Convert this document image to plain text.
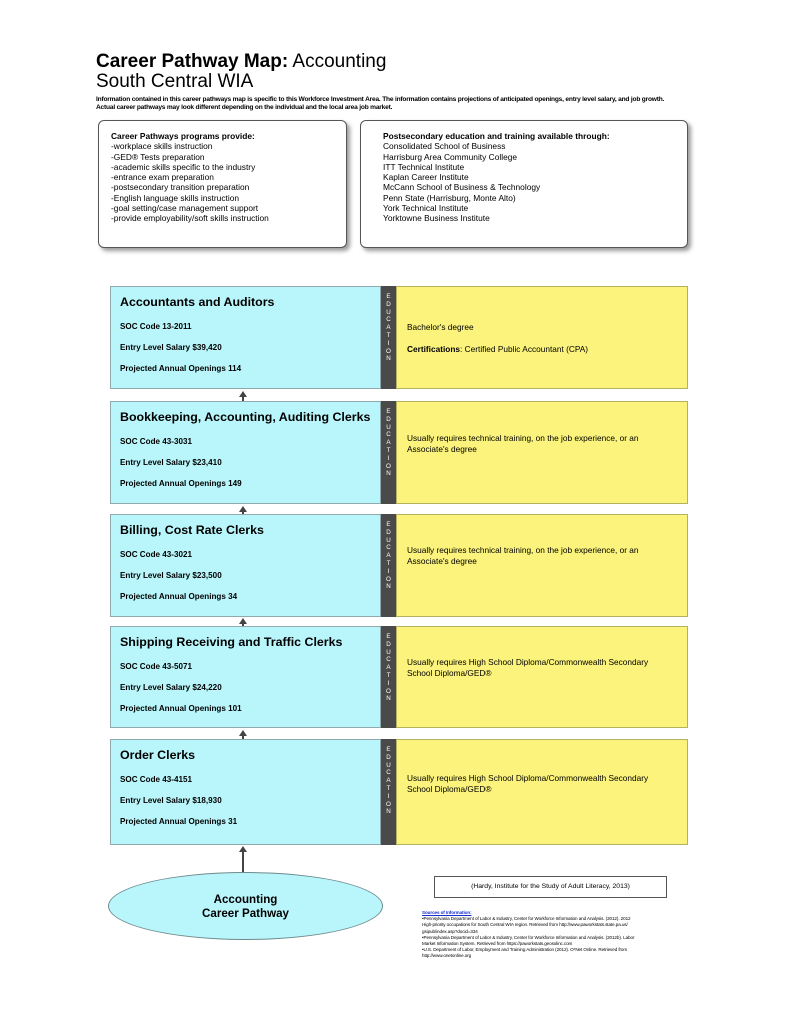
Career Pathway Map: Accounting
South Central WIA
Information contained in this career pathways map is specific to this Workforce Investment Area. The information contains projections of anticipated openings, entry level salary, and job growth.
Actual career pathways may look different depending on the individual and the local area job market.
Career Pathways programs provide:
-workplace skills instruction
-GED® Tests preparation
-academic skills specific to the industry
-entrance exam preparation
-postsecondary transition preparation
-English language skills instruction
-goal setting/case management support
-provide employability/soft skills instruction
Postsecondary education and training available through:
Consolidated School of Business
Harrisburg Area Community College
ITT Technical Institute
Kaplan Career Institute
McCann School of Business & Technology
Penn State (Harrisburg, Monte Alto)
York Technical Institute
Yorktowne Business Institute
Accountants and Auditors
SOC Code 13-2011
Entry Level Salary $39,420
Projected Annual Openings 114
E
D
U
C
A
T
I
O
N
Bachelor's degree
Certifications: Certified Public Accountant (CPA)
Bookkeeping, Accounting, Auditing Clerks
SOC Code 43-3031
Entry Level Salary $23,410
Projected Annual Openings 149
E
D
U
C
A
T
I
O
N
Usually requires technical training, on the job experience, or an Associate's degree
Billing, Cost Rate Clerks
SOC Code 43-3021
Entry Level Salary $23,500
Projected Annual Openings 34
E
D
U
C
A
T
I
O
N
Usually requires technical training, on the job experience, or an Associate's degree
Shipping Receiving and Traffic Clerks
SOC Code 43-5071
Entry Level Salary $24,220
Projected Annual Openings 101
E
D
U
C
A
T
I
O
N
Usually requires High School Diploma/Commonwealth Secondary School Diploma/GED®
Order Clerks
SOC Code 43-4151
Entry Level Salary $18,930
Projected Annual Openings 31
E
D
U
C
A
T
I
O
N
Usually requires High School Diploma/Commonwealth Secondary School Diploma/GED®
Accounting
Career Pathway
(Hardy, Institute for the Study of Adult Literacy, 2013)
Sources of Information:
•Pennsylvania Department of Labor & Industry, Center for Workforce Information and Analysis. (2012). 2012
High-priority occupations for South Central WIA region. Retrieved from http://www.paworkstats.state.pa.us/
gsipub/index.asp?docid=334
•Pennsylvania Department of Labor & Industry, Center for Workforce Information and Analysis. (2012b). Labor
Market Information System. Retrieved from https://paworkstats.geosolinc.com
•U.S. Department of Labor, Employment and Training Administration (2012). O*Net Online. Retrieved from
http://www.onetonline.org
